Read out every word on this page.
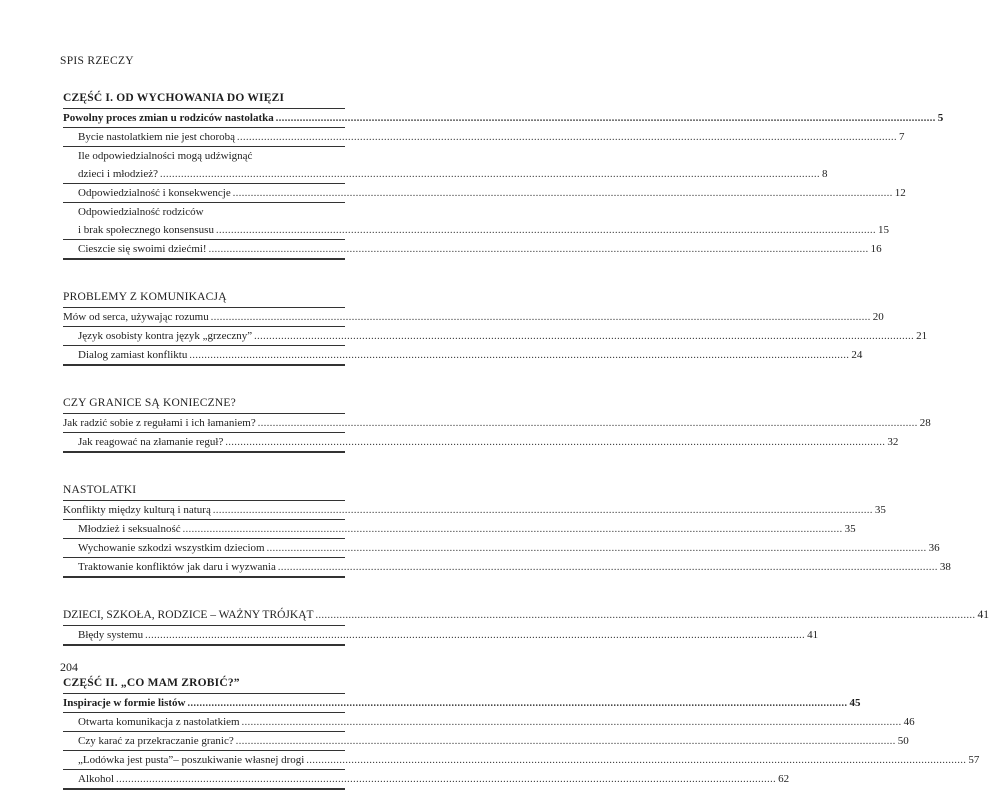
SPIS RZECZY
CZĘŚĆ I. OD WYCHOWANIA DO WIĘZI
Powolny proces zmian u rodziców nastolatka ............................................................................................................................................................................................................................ 5
Bycie nastolatkiem nie jest chorobą ............................................................................................................................................................................................................................ 7
Ile odpowiedzialności mogą udźwignąć
dzieci i młodzież? ............................................................................................................................................................................................................................ 8
Odpowiedzialność i konsekwencje ............................................................................................................................................................................................................................ 12
Odpowiedzialność rodziców
i brak społecznego konsensusu ............................................................................................................................................................................................................................ 15
Cieszcie się swoimi dziećmi! ............................................................................................................................................................................................................................ 16
PROBLEMY Z KOMUNIKACJĄ
Mów od serca, używając rozumu ............................................................................................................................................................................................................................ 20
Język osobisty kontra język „grzeczny” ............................................................................................................................................................................................................................ 21
Dialog zamiast konfliktu ............................................................................................................................................................................................................................ 24
CZY GRANICE SĄ KONIECZNE?
Jak radzić sobie z regułami i ich łamaniem? ............................................................................................................................................................................................................................ 28
Jak reagować na złamanie reguł? ............................................................................................................................................................................................................................ 32
NASTOLATKI
Konflikty między kulturą i naturą ............................................................................................................................................................................................................................ 35
Młodzież i seksualność ............................................................................................................................................................................................................................ 35
Wychowanie szkodzi wszystkim dzieciom ............................................................................................................................................................................................................................ 36
Traktowanie konfliktów jak daru i wyzwania ............................................................................................................................................................................................................................ 38
DZIECI, SZKOŁA, RODZICE – WAŻNY TRÓJKĄT ............................................................................................................................................................................................................................ 41
Błędy systemu ............................................................................................................................................................................................................................ 41
CZĘŚĆ II. „CO MAM ZROBIĆ?”
Inspiracje w formie listów ............................................................................................................................................................................................................................ 45
Otwarta komunikacja z nastolatkiem ............................................................................................................................................................................................................................ 46
Czy karać za przekraczanie granic? ............................................................................................................................................................................................................................ 50
„Lodówka jest pusta”– poszukiwanie własnej drogi ............................................................................................................................................................................................................................ 57
Alkohol ............................................................................................................................................................................................................................ 62
204
